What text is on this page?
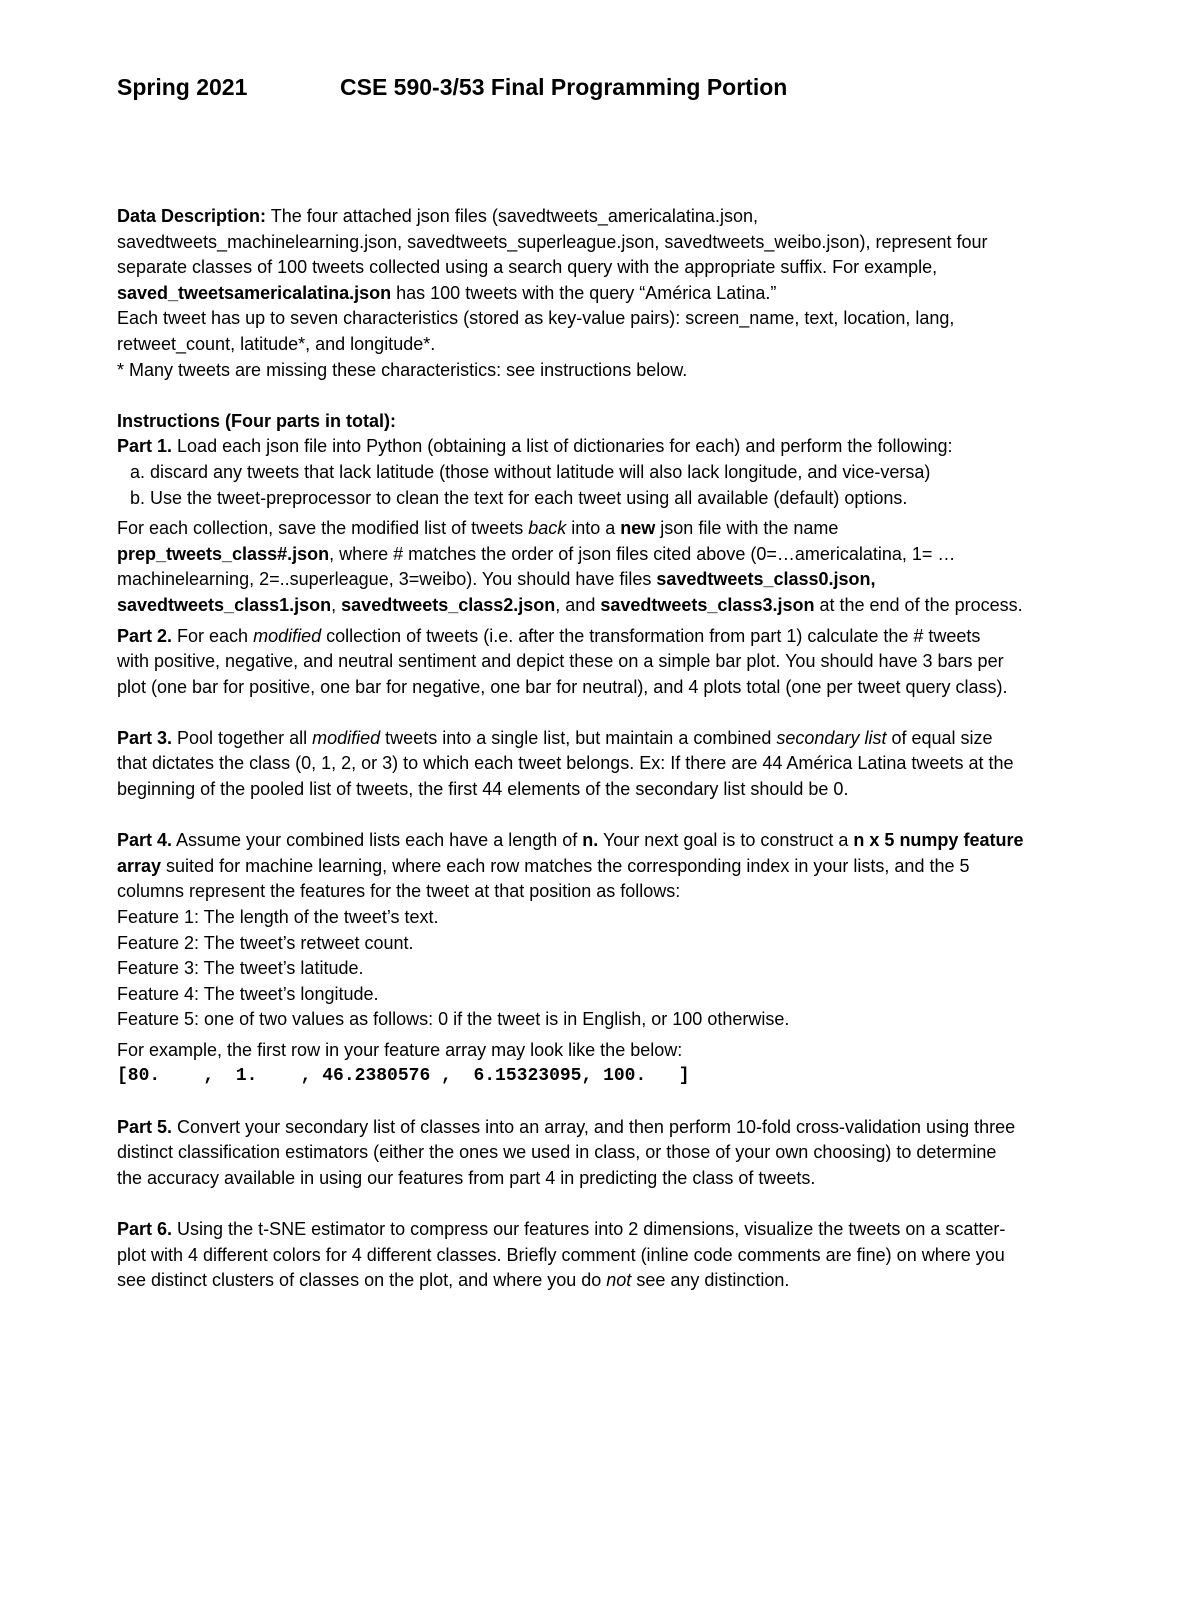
Spring 2021	CSE 590-3/53 Final Programming Portion
Data Description: The four attached json files (savedtweets_americalatina.json,
savedtweets_machinelearning.json, savedtweets_superleague.json, savedtweets_weibo.json), represent four
separate classes of 100 tweets collected using a search query with the appropriate suffix. For example,
saved_tweetsamericalatina.json has 100 tweets with the query “América Latina.”
Each tweet has up to seven characteristics (stored as key-value pairs): screen_name, text, location, lang,
retweet_count, latitude*, and longitude*.
* Many tweets are missing these characteristics: see instructions below.
Instructions (Four parts in total):
Part 1. Load each json file into Python (obtaining a list of dictionaries for each) and perform the following:
a. discard any tweets that lack latitude (those without latitude will also lack longitude, and vice-versa)
b. Use the tweet-preprocessor to clean the text for each tweet using all available (default) options.
For each collection, save the modified list of tweets back into a new json file with the name
prep_tweets_class#.json, where # matches the order of json files cited above (0=…americalatina, 1= …
machinelearning, 2=..superleague, 3=weibo). You should have files savedtweets_class0.json,
savedtweets_class1.json, savedtweets_class2.json, and savedtweets_class3.json at the end of the process.
Part 2. For each modified collection of tweets (i.e. after the transformation from part 1) calculate the # tweets
with positive, negative, and neutral sentiment and depict these on a simple bar plot. You should have 3 bars per
plot (one bar for positive, one bar for negative, one bar for neutral), and 4 plots total (one per tweet query class).
Part 3. Pool together all modified tweets into a single list, but maintain a combined secondary list of equal size
that dictates the class (0, 1, 2, or 3) to which each tweet belongs. Ex: If there are 44 América Latina tweets at the
beginning of the pooled list of tweets, the first 44 elements of the secondary list should be 0.
Part 4. Assume your combined lists each have a length of n. Your next goal is to construct a n x 5 numpy feature
array suited for machine learning, where each row matches the corresponding index in your lists, and the 5
columns represent the features for the tweet at that position as follows:
Feature 1: The length of the tweet’s text.
Feature 2: The tweet’s retweet count.
Feature 3: The tweet’s latitude.
Feature 4: The tweet’s longitude.
Feature 5: one of two values as follows: 0 if the tweet is in English, or 100 otherwise.
For example, the first row in your feature array may look like the below:
[80.    ,  1.    , 46.2380576 ,  6.15323095, 100.   ]
Part 5. Convert your secondary list of classes into an array, and then perform 10-fold cross-validation using three
distinct classification estimators (either the ones we used in class, or those of your own choosing) to determine
the accuracy available in using our features from part 4 in predicting the class of tweets.
Part 6. Using the t-SNE estimator to compress our features into 2 dimensions, visualize the tweets on a scatter-
plot with 4 different colors for 4 different classes. Briefly comment (inline code comments are fine) on where you
see distinct clusters of classes on the plot, and where you do not see any distinction.
